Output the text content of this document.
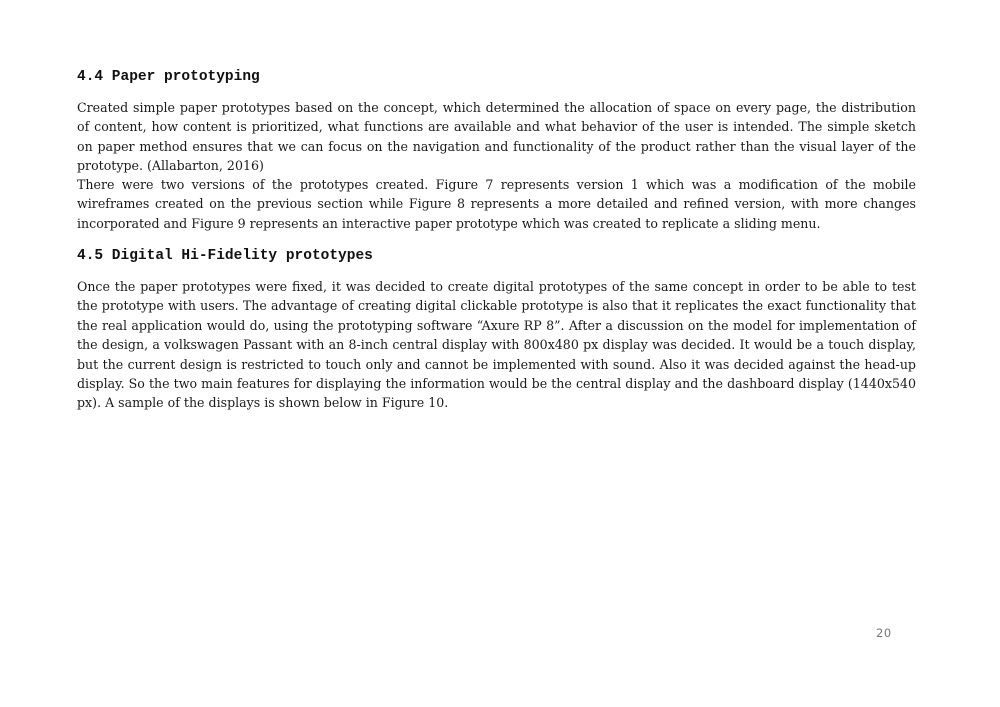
4.4 Paper prototyping

Created simple paper prototypes based on the concept, which determined the allocation of space on every page, the distribution of content, how content is prioritized, what functions are available and what behavior of the user is intended. The simple sketch on paper method ensures that we can focus on the navigation and functionality of the product rather than the visual layer of the prototype. (Allabarton, 2016)

There were two versions of the prototypes created. Figure 7 represents version 1 which was a modification of the mobile wireframes created on the previous section while Figure 8 represents a more detailed and refined version, with more changes incorporated and Figure 9 represents an interactive paper prototype which was created to replicate a sliding menu.

4.5 Digital Hi-Fidelity prototypes

Once the paper prototypes were fixed, it was decided to create digital prototypes of the same concept in order to be able to test the prototype with users. The advantage of creating digital clickable prototype is also that it replicates the exact functionality that the real application would do, using the prototyping software “Axure RP 8”. After a discussion on the model for implementation of the design, a volkswagen Passant with an 8-inch central display with 800x480 px display was decided. It would be a touch display, but the current design is restricted to touch only and cannot be implemented with sound. Also it was decided against the head-up display. So the two main features for displaying the information would be the central display and the dashboard display (1440x540 px). A sample of the displays is shown below in Figure 10.

20
